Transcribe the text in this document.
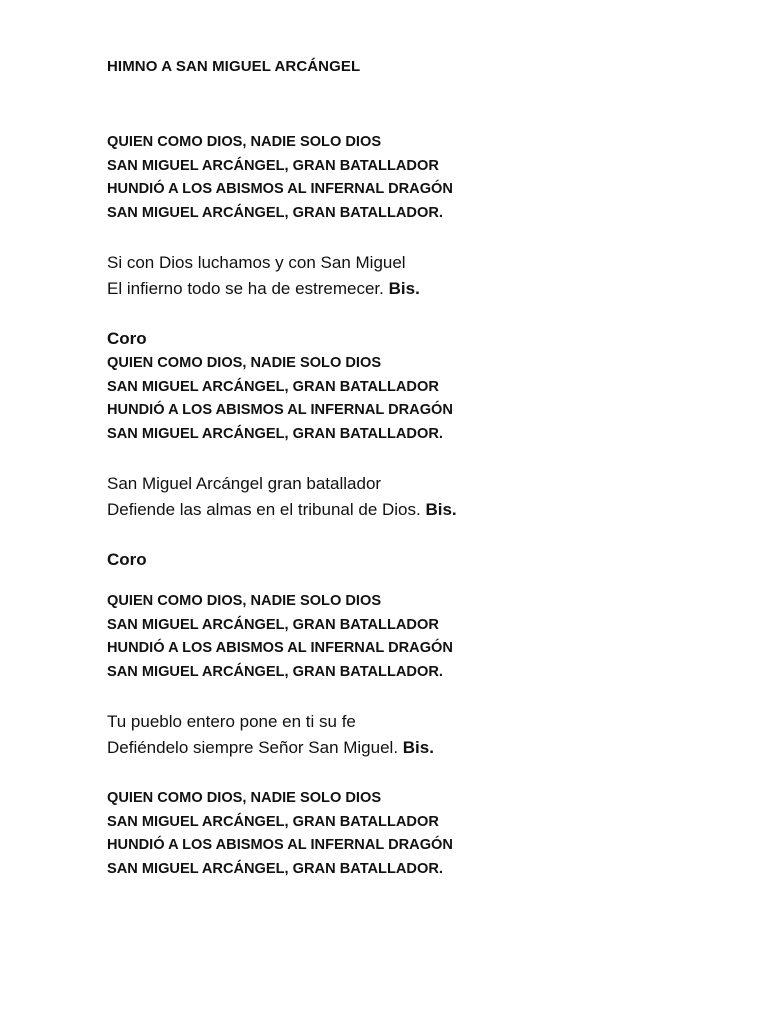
HIMNO A SAN MIGUEL ARCÁNGEL
QUIEN COMO DIOS, NADIE SOLO DIOS
SAN MIGUEL ARCÁNGEL, GRAN BATALLADOR
HUNDIÓ A LOS ABISMOS AL INFERNAL DRAGÓN
SAN MIGUEL ARCÁNGEL, GRAN BATALLADOR.
Si con Dios luchamos y con San Miguel
El infierno todo se ha de estremecer. Bis.

Coro

QUIEN COMO DIOS, NADIE SOLO DIOS
SAN MIGUEL ARCÁNGEL, GRAN BATALLADOR
HUNDIÓ A LOS ABISMOS AL INFERNAL DRAGÓN
SAN MIGUEL ARCÁNGEL, GRAN BATALLADOR.
San Miguel Arcángel gran batallador
Defiende las almas en el tribunal de Dios. Bis.

Coro

QUIEN COMO DIOS, NADIE SOLO DIOS
SAN MIGUEL ARCÁNGEL, GRAN BATALLADOR
HUNDIÓ A LOS ABISMOS AL INFERNAL DRAGÓN
SAN MIGUEL ARCÁNGEL, GRAN BATALLADOR.
Tu pueblo entero pone en ti su fe
Defiéndelo siempre Señor San Miguel. Bis.
QUIEN COMO DIOS, NADIE SOLO DIOS
SAN MIGUEL ARCÁNGEL, GRAN BATALLADOR
HUNDIÓ A LOS ABISMOS AL INFERNAL DRAGÓN
SAN MIGUEL ARCÁNGEL, GRAN BATALLADOR.
